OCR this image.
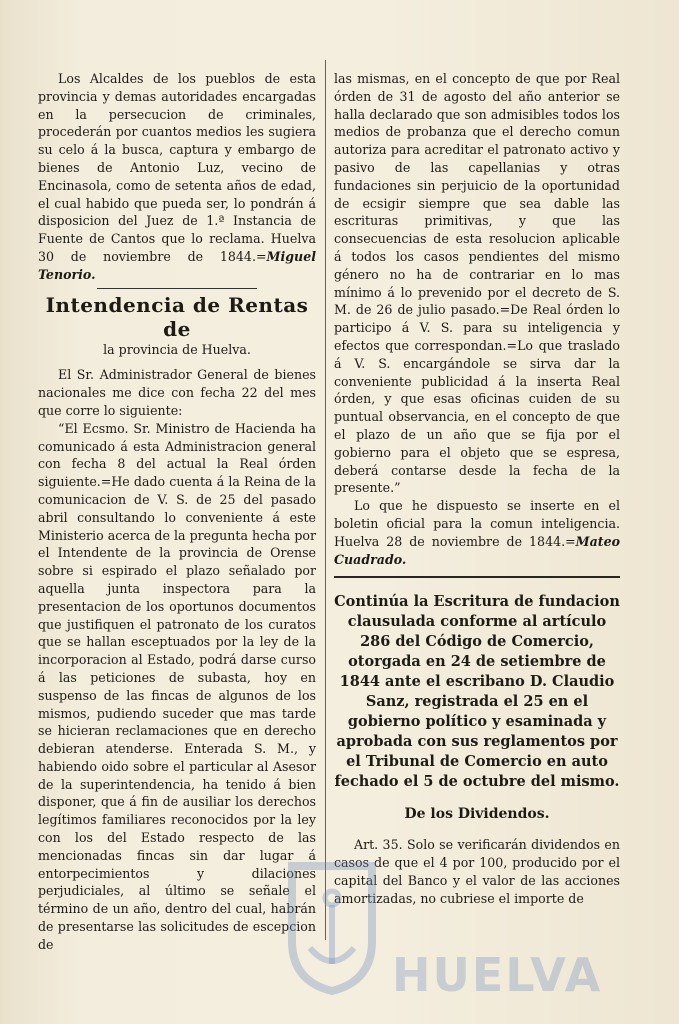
Los Alcaldes de los pueblos de esta provincia y demas autoridades encargadas en la persecucion de criminales, procederán por cuantos medios les sugiera su celo á la busca, captura y embargo de bienes de Antonio Luz, vecino de Encinasola, como de setenta años de edad, el cual habido que pueda ser, lo pondrán á disposicion del Juez de 1.ª Instancia de Fuente de Cantos que lo reclama. Huelva 30 de noviembre de 1844.=Miguel Tenorio.

Intendencia de Rentas de
la provincia de Huelva.

El Sr. Administrador General de bienes nacionales me dice con fecha 22 del mes que corre lo siguiente:

“El Ecsmo. Sr. Ministro de Hacienda ha comunicado á esta Administracion general con fecha 8 del actual la Real órden siguiente.=He dado cuenta á la Reina de la comunicacion de V. S. de 25 del pasado abril consultando lo conveniente á este Ministerio acerca de la pregunta hecha por el Intendente de la provincia de Orense sobre si espirado el plazo señalado por aquella junta inspectora para la presentacion de los oportunos documentos que justifiquen el patronato de los curatos que se hallan esceptuados por la ley de la incorporacion al Estado, podrá darse curso á las peticiones de subasta, hoy en suspenso de las fincas de algunos de los mismos, pudiendo suceder que mas tarde se hicieran reclamaciones que en derecho debieran atenderse. Enterada S. M., y habiendo oido sobre el particular al Asesor de la superintendencia, ha tenido á bien disponer, que á fin de ausiliar los derechos legítimos familiares reconocidos por la ley con los del Estado respecto de las mencionadas fincas sin dar lugar á entorpecimientos y dilaciones perjudiciales, al último se señale el término de un año, dentro del cual, habrán de presentarse las solicitudes de escepcion de

las mismas, en el concepto de que por Real órden de 31 de agosto del año anterior se halla declarado que son admisibles todos los medios de probanza que el derecho comun autoriza para acreditar el patronato activo y pasivo de las capellanias y otras fundaciones sin perjuicio de la oportunidad de ecsigir siempre que sea dable las escrituras primitivas, y que las consecuencias de esta resolucion aplicable á todos los casos pendientes del mismo género no ha de contrariar en lo mas mínimo á lo prevenido por el decreto de S. M. de 26 de julio pasado.=De Real órden lo participo á V. S. para su inteligencia y efectos que correspondan.=Lo que traslado á V. S. encargándole se sirva dar la conveniente publicidad á la inserta Real órden, y que esas oficinas cuiden de su puntual observancia, en el concepto de que el plazo de un año que se fija por el gobierno para el objeto que se espresa, deberá contarse desde la fecha de la presente.”

Lo que he dispuesto se inserte en el boletin oficial para la comun inteligencia. Huelva 28 de noviembre de 1844.=Mateo Cuadrado.

Continúa la Escritura de fundacion clausulada conforme al artículo 286 del Código de Comercio, otorgada en 24 de setiembre de 1844 ante el escribano D. Claudio Sanz, registrada el 25 en el gobierno político y esaminada y aprobada con sus reglamentos por el Tribunal de Comercio en auto fechado el 5 de octubre del mismo.
De los Dividendos.

Art. 35. Solo se verificarán dividendos en casos de que el 4 por 100, producido por el capital del Banco y el valor de las acciones amortizadas, no cubriese el importe de

HUELVA
